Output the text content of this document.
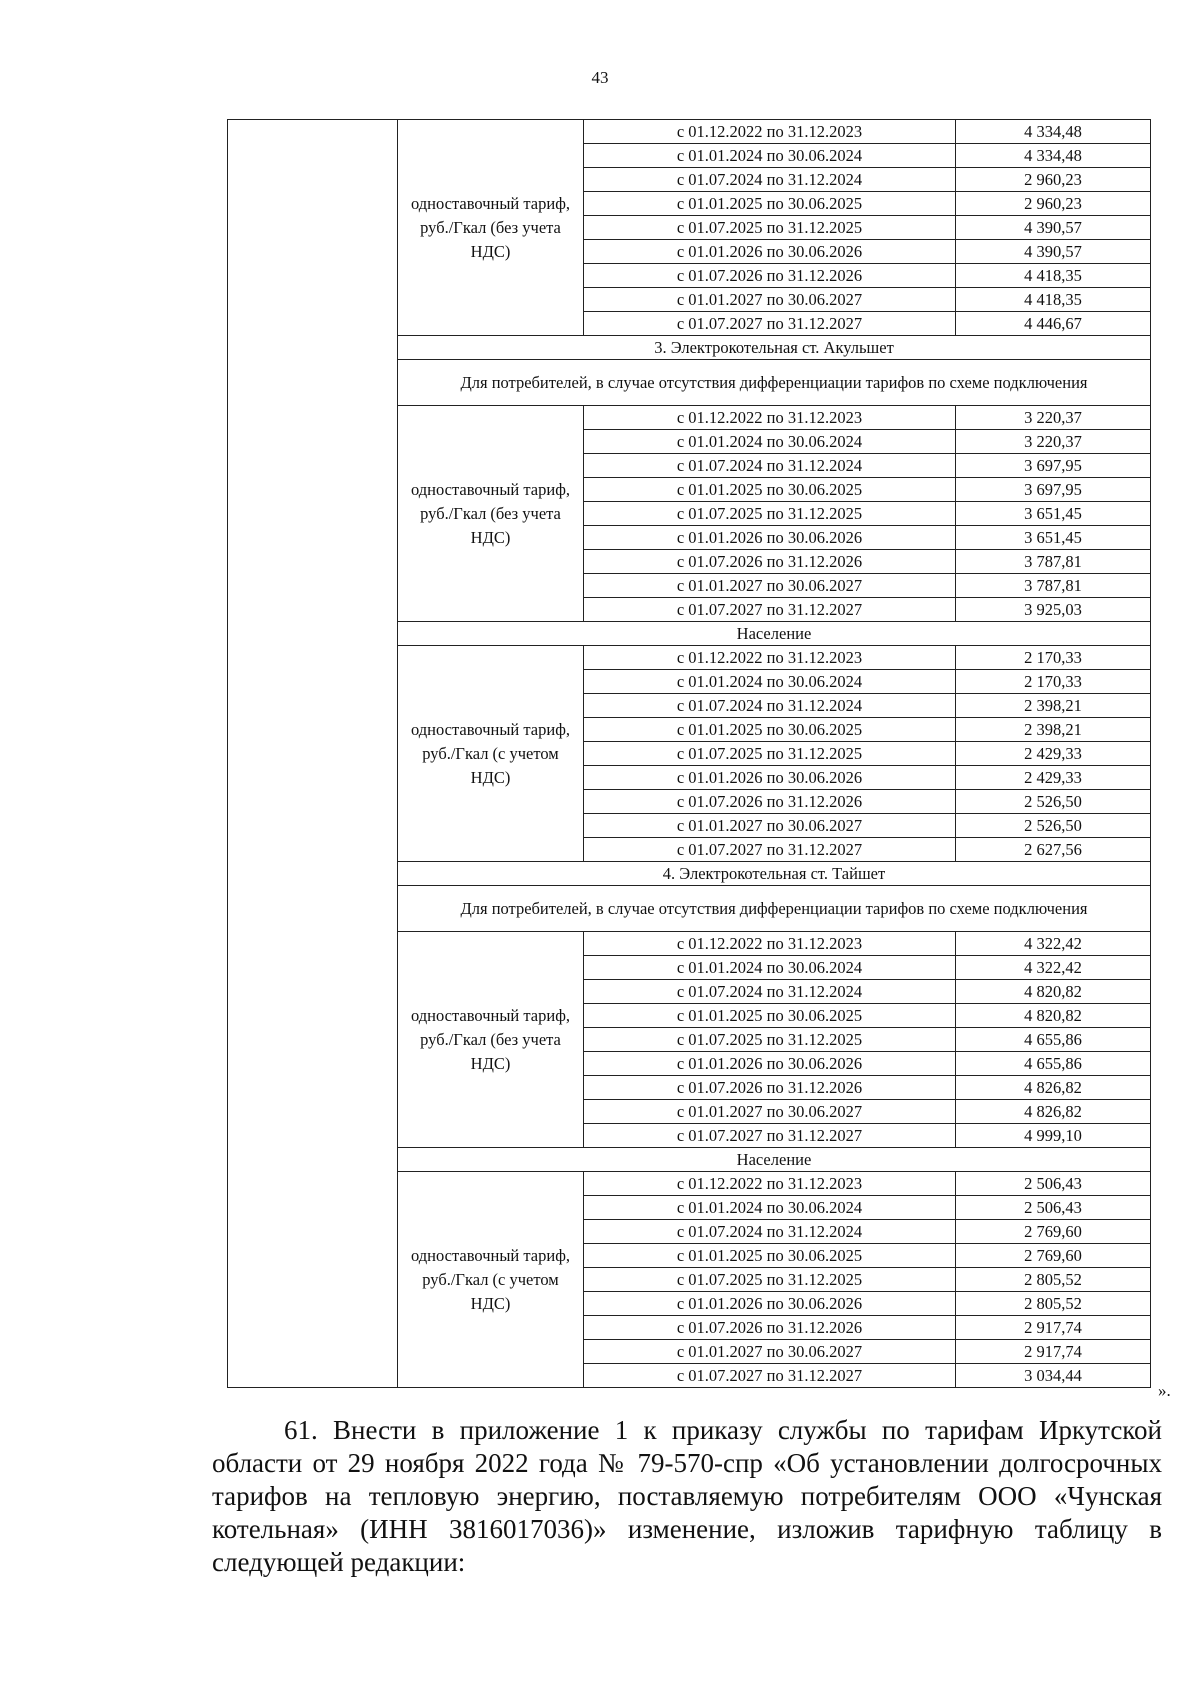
43
	одноставочный тариф, руб./Гкал (без учета НДС)	с 01.12.2022 по 31.12.2023	4 334,48
		с 01.01.2024 по 30.06.2024	4 334,48
		с 01.07.2024 по 31.12.2024	2 960,23
		с 01.01.2025 по 30.06.2025	2 960,23
		с 01.07.2025 по 31.12.2025	4 390,57
		с 01.01.2026 по 30.06.2026	4 390,57
		с 01.07.2026 по 31.12.2026	4 418,35
		с 01.01.2027 по 30.06.2027	4 418,35
		с 01.07.2027 по 31.12.2027	4 446,67
	3. Электрокотельная ст. Акульшет		
	Для потребителей, в случае отсутствия дифференциации тарифов по схеме подключения		
	одноставочный тариф, руб./Гкал (без учета НДС)	с 01.12.2022 по 31.12.2023	3 220,37
		с 01.01.2024 по 30.06.2024	3 220,37
		с 01.07.2024 по 31.12.2024	3 697,95
		с 01.01.2025 по 30.06.2025	3 697,95
		с 01.07.2025 по 31.12.2025	3 651,45
		с 01.01.2026 по 30.06.2026	3 651,45
		с 01.07.2026 по 31.12.2026	3 787,81
		с 01.01.2027 по 30.06.2027	3 787,81
		с 01.07.2027 по 31.12.2027	3 925,03
	Население		
	одноставочный тариф, руб./Гкал (с учетом НДС)	с 01.12.2022 по 31.12.2023	2 170,33
		с 01.01.2024 по 30.06.2024	2 170,33
		с 01.07.2024 по 31.12.2024	2 398,21
		с 01.01.2025 по 30.06.2025	2 398,21
		с 01.07.2025 по 31.12.2025	2 429,33
		с 01.01.2026 по 30.06.2026	2 429,33
		с 01.07.2026 по 31.12.2026	2 526,50
		с 01.01.2027 по 30.06.2027	2 526,50
		с 01.07.2027 по 31.12.2027	2 627,56
	4. Электрокотельная ст. Тайшет		
	Для потребителей, в случае отсутствия дифференциации тарифов по схеме подключения		
	одноставочный тариф, руб./Гкал (без учета НДС)	с 01.12.2022 по 31.12.2023	4 322,42
		с 01.01.2024 по 30.06.2024	4 322,42
		с 01.07.2024 по 31.12.2024	4 820,82
		с 01.01.2025 по 30.06.2025	4 820,82
		с 01.07.2025 по 31.12.2025	4 655,86
		с 01.01.2026 по 30.06.2026	4 655,86
		с 01.07.2026 по 31.12.2026	4 826,82
		с 01.01.2027 по 30.06.2027	4 826,82
		с 01.07.2027 по 31.12.2027	4 999,10
	Население		
	одноставочный тариф, руб./Гкал (с учетом НДС)	с 01.12.2022 по 31.12.2023	2 506,43
		с 01.01.2024 по 30.06.2024	2 506,43
		с 01.07.2024 по 31.12.2024	2 769,60
		с 01.01.2025 по 30.06.2025	2 769,60
		с 01.07.2025 по 31.12.2025	2 805,52
		с 01.01.2026 по 30.06.2026	2 805,52
		с 01.07.2026 по 31.12.2026	2 917,74
		с 01.01.2027 по 30.06.2027	2 917,74
		с 01.07.2027 по 31.12.2027	3 034,44
».
61. Внести в приложение 1 к приказу службы по тарифам Иркутской области от 29 ноября 2022 года № 79-570-спр «Об установлении долгосрочных тарифов на тепловую энергию, поставляемую потребителям ООО «Чунская котельная» (ИНН 3816017036)» изменение, изложив тарифную таблицу в следующей редакции:
